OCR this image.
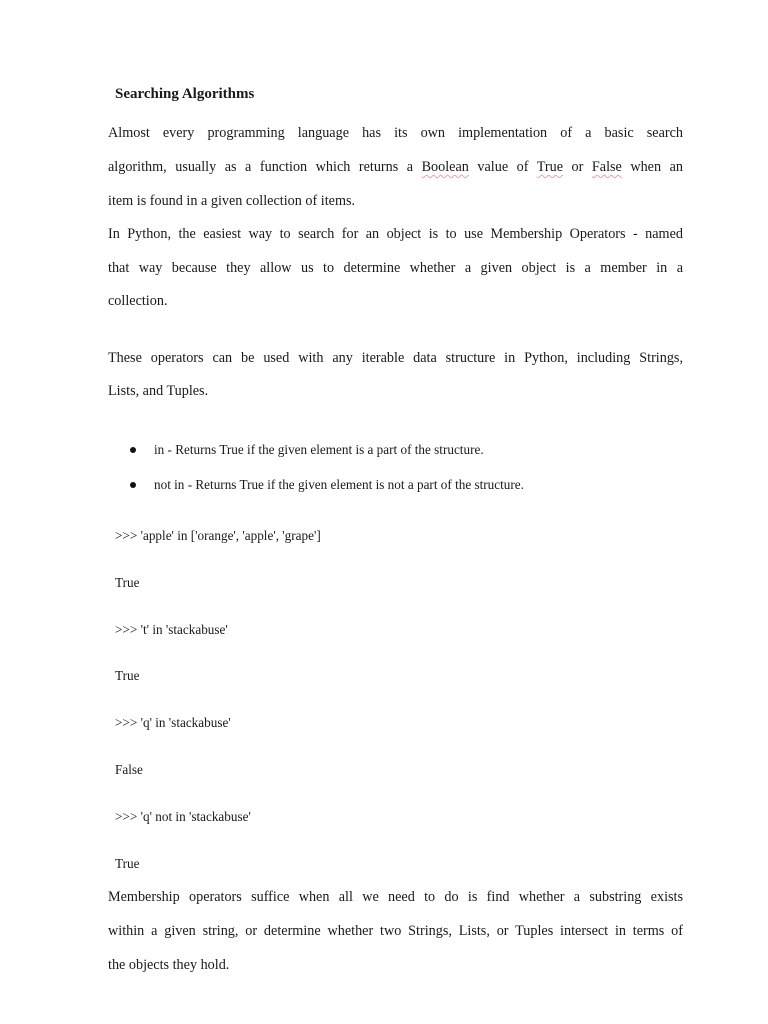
Searching Algorithms
Almost every programming language has its own implementation of a basic search
algorithm, usually as a function which returns a Boolean value of True or False when an
item is found in a given collection of items.
In Python, the easiest way to search for an object is to use Membership Operators - named
that way because they allow us to determine whether a given object is a member in a
collection.
These operators can be used with any iterable data structure in Python, including Strings,
Lists, and Tuples.
in - Returns True if the given element is a part of the structure.
not in - Returns True if the given element is not a part of the structure.
>>> 'apple' in ['orange', 'apple', 'grape']
True
>>> 't' in 'stackabuse'
True
>>> 'q' in 'stackabuse'
False
>>> 'q' not in 'stackabuse'
True
Membership operators suffice when all we need to do is find whether a substring exists
within a given string, or determine whether two Strings, Lists, or Tuples intersect in terms of
the objects they hold.
